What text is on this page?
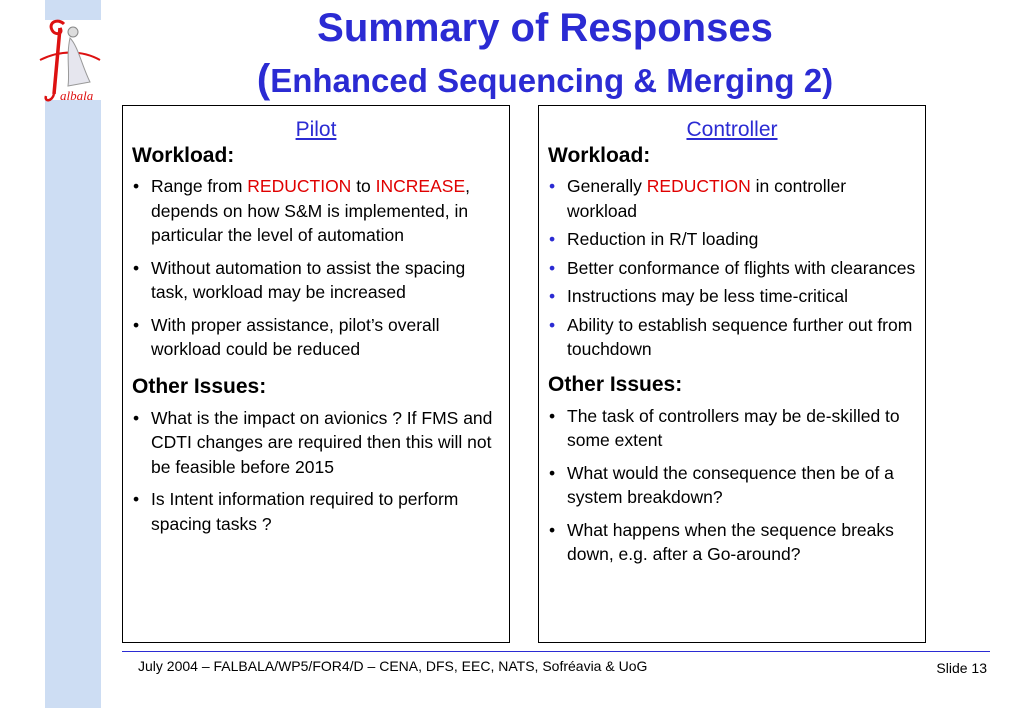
albala
Summary of Responses
(Enhanced Sequencing & Merging 2)
Pilot
Workload:
• Range from REDUCTION to INCREASE, depends on how S&M is implemented, in particular the level of automation
• Without automation to assist the spacing task, workload may be increased
• With proper assistance, pilot’s overall workload could be reduced
Other Issues:
• What is the impact on avionics ? If FMS and CDTI changes are required then this will not be feasible before 2015
• Is Intent information required to perform spacing tasks ?
Controller
Workload:
• Generally REDUCTION in controller workload
• Reduction in R/T loading
• Better conformance of flights with clearances
• Instructions may be less time-critical
• Ability to establish sequence further out from touchdown
Other Issues:
• The task of controllers may be de-skilled to some extent
• What would the consequence then be of a system breakdown?
• What happens when the sequence breaks down, e.g. after a Go-around?
July 2004 – FALBALA/WP5/FOR4/D – CENA, DFS, EEC, NATS, Sofréavia & UoG	Slide 13
